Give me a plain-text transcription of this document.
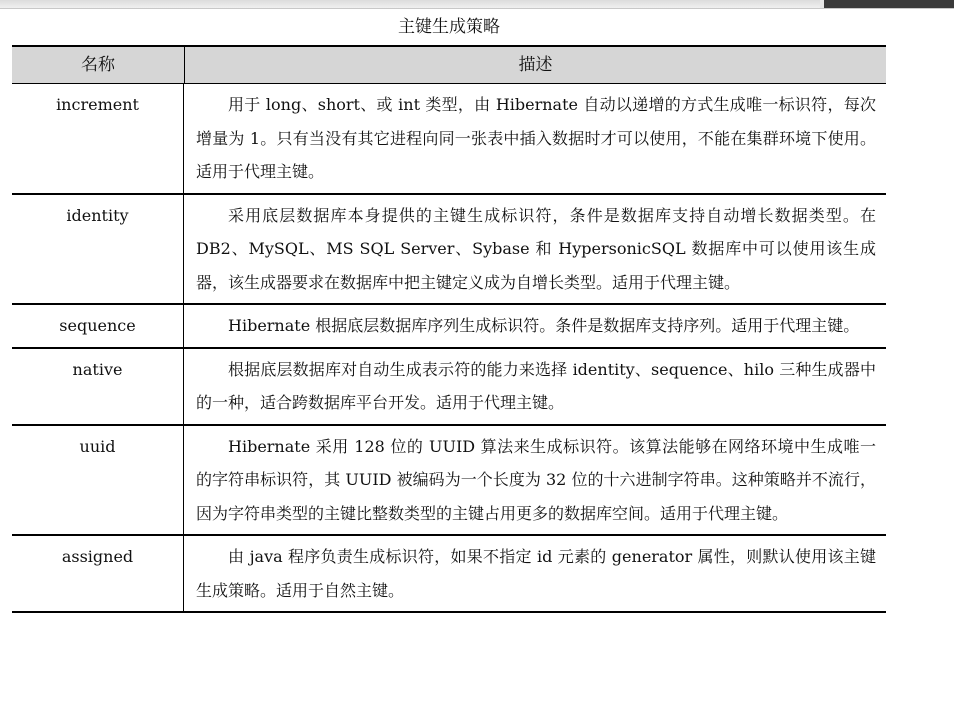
主键生成策略
名称	描述
increment	用于 long、short、或 int 类型，由 Hibernate 自动以递增的方式生成唯一标识符，每次增量为 1。只有当没有其它进程向同一张表中插入数据时才可以使用，不能在集群环境下使用。适用于代理主键。
identity	采用底层数据库本身提供的主键生成标识符，条件是数据库支持自动增长数据类型。在 DB2、MySQL、MS SQL Server、Sybase 和 HypersonicSQL 数据库中可以使用该生成器，该生成器要求在数据库中把主键定义成为自增长类型。适用于代理主键。
sequence	Hibernate 根据底层数据库序列生成标识符。条件是数据库支持序列。适用于代理主键。
native	根据底层数据库对自动生成表示符的能力来选择 identity、sequence、hilo 三种生成器中的一种，适合跨数据库平台开发。适用于代理主键。
uuid	Hibernate 采用 128 位的 UUID 算法来生成标识符。该算法能够在网络环境中生成唯一的字符串标识符，其 UUID 被编码为一个长度为 32 位的十六进制字符串。这种策略并不流行，因为字符串类型的主键比整数类型的主键占用更多的数据库空间。适用于代理主键。
assigned	由 java 程序负责生成标识符，如果不指定 id 元素的 generator 属性，则默认使用该主键生成策略。适用于自然主键。
